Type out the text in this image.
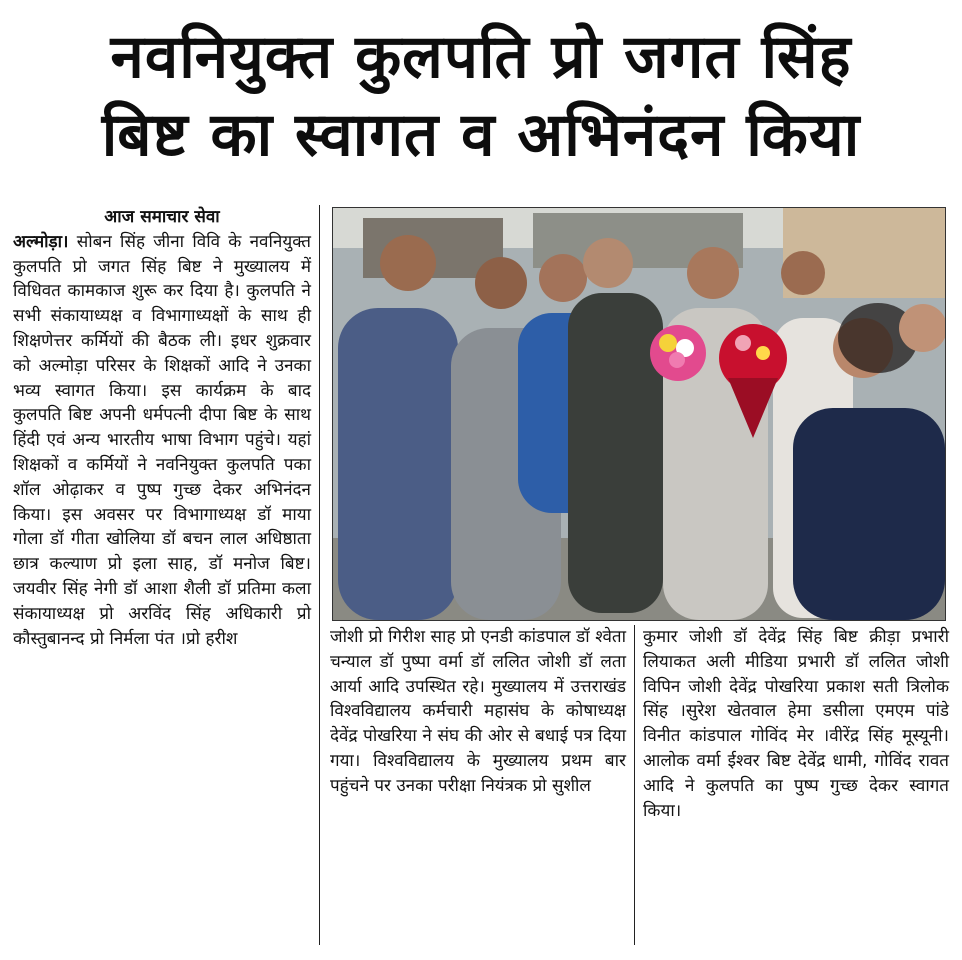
नवनियुक्त कुलपति प्रो जगत सिंह
बिष्ट का स्वागत व अभिनंदन किया

आज समाचार सेवा

अल्मोड़ा। सोबन सिंह जीना विवि के नवनियुक्त कुलपति प्रो जगत सिंह बिष्ट ने मुख्यालय में विधिवत कामकाज शुरू कर दिया है। कुलपति ने सभी संकायाध्यक्ष व विभागाध्यक्षों के साथ ही शिक्षणेत्तर कर्मियों की बैठक ली। इधर शुक्रवार को अल्मोड़ा परिसर के शिक्षकों आदि ने उनका भव्य स्वागत किया। इस कार्यक्रम के बाद कुलपति बिष्ट अपनी धर्मपत्नी दीपा बिष्ट के साथ हिंदी एवं अन्य भारतीय भाषा विभाग पहुंचे। यहां शिक्षकों व कर्मियों ने नवनियुक्त कुलपति पका शॉल ओढ़ाकर व पुष्प गुच्छ देकर अभिनंदन किया। इस अवसर पर विभागाध्यक्ष डॉ माया गोला डॉ गीता खोलिया डॉ बचन लाल अधिष्ठाता छात्र कल्याण प्रो इला साह, डॉ मनोज बिष्ट। जयवीर सिंह नेगी डॉ आशा शैली डॉ प्रतिमा कला संकायाध्यक्ष प्रो अरविंद सिंह अधिकारी प्रो कौस्तुबानन्द प्रो निर्मला पंत ।प्रो हरीश	जोशी प्रो गिरीश साह प्रो एनडी कांडपाल डॉ श्वेता चन्याल डॉ पुष्पा वर्मा डॉ ललित जोशी डॉ लता आर्या आदि उपस्थित रहे। मुख्यालय में उत्तराखंड विश्वविद्यालय कर्मचारी महासंघ के कोषाध्यक्ष देवेंद्र पोखरिया ने संघ की ओर से बधाई पत्र दिया गया। विश्वविद्यालय के मुख्यालय प्रथम बार पहुंचने पर उनका परीक्षा नियंत्रक प्रो सुशील

कुमार जोशी डॉ देवेंद्र सिंह बिष्ट क्रीड़ा प्रभारी लियाकत अली मीडिया प्रभारी डॉ ललित जोशी विपिन जोशी देवेंद्र पोखरिया प्रकाश सती त्रिलोक सिंह ।सुरेश खेतवाल हेमा डसीला एमएम पांडे विनीत कांडपाल गोविंद मेर ।वीरेंद्र सिंह मूस्यूनी। आलोक वर्मा ईश्वर बिष्ट देवेंद्र धामी, गोविंद रावत आदि ने कुलपति का पुष्प गुच्छ देकर स्वागत किया।
